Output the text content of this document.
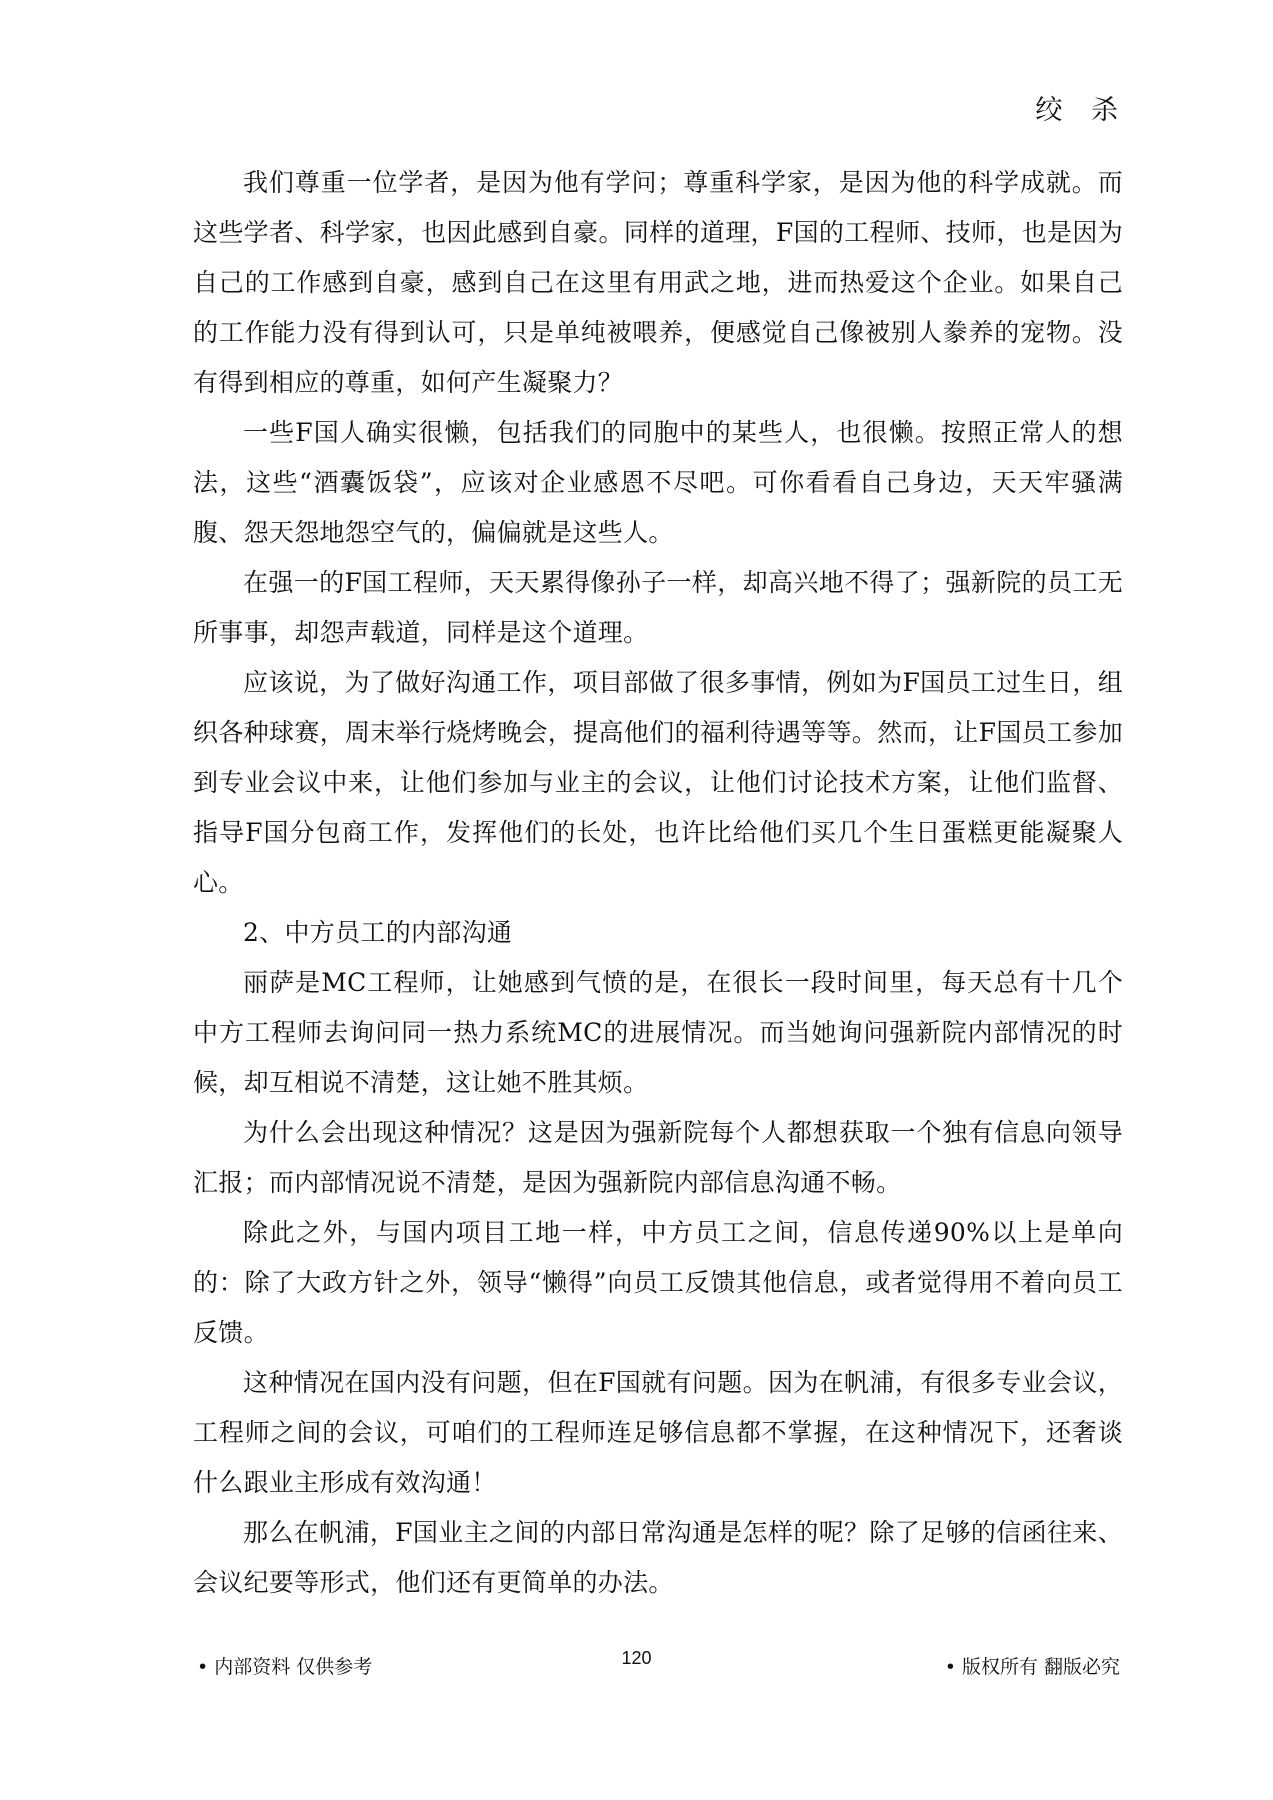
绞 杀

我们尊重一位学者，是因为他有学问；尊重科学家，是因为他的科学成就。而这些学者、科学家，也因此感到自豪。同样的道理，F国的工程师、技师，也是因为自己的工作感到自豪，感到自己在这里有用武之地，进而热爱这个企业。如果自己的工作能力没有得到认可，只是单纯被喂养，便感觉自己像被别人豢养的宠物。没有得到相应的尊重，如何产生凝聚力？

一些F国人确实很懒，包括我们的同胞中的某些人，也很懒。按照正常人的想法，这些“酒囊饭袋”，应该对企业感恩不尽吧。可你看看自己身边，天天牢骚满腹、怨天怨地怨空气的，偏偏就是这些人。

在强一的F国工程师，天天累得像孙子一样，却高兴地不得了；强新院的员工无所事事，却怨声载道，同样是这个道理。

应该说，为了做好沟通工作，项目部做了很多事情，例如为F国员工过生日，组织各种球赛，周末举行烧烤晚会，提高他们的福利待遇等等。然而，让F国员工参加到专业会议中来，让他们参加与业主的会议，让他们讨论技术方案，让他们监督、指导F国分包商工作，发挥他们的长处，也许比给他们买几个生日蛋糕更能凝聚人心。

2、中方员工的内部沟通

丽萨是MC工程师，让她感到气愤的是，在很长一段时间里，每天总有十几个中方工程师去询问同一热力系统MC的进展情况。而当她询问强新院内部情况的时候，却互相说不清楚，这让她不胜其烦。

为什么会出现这种情况？这是因为强新院每个人都想获取一个独有信息向领导汇报；而内部情况说不清楚，是因为强新院内部信息沟通不畅。

除此之外，与国内项目工地一样，中方员工之间，信息传递90%以上是单向的：除了大政方针之外，领导“懒得”向员工反馈其他信息，或者觉得用不着向员工反馈。

这种情况在国内没有问题，但在F国就有问题。因为在帆浦，有很多专业会议，工程师之间的会议，可咱们的工程师连足够信息都不掌握，在这种情况下，还奢谈什么跟业主形成有效沟通！

那么在帆浦，F国业主之间的内部日常沟通是怎样的呢？除了足够的信函往来、会议纪要等形式，他们还有更简单的办法。

• 内部资料 仅供参考	120	• 版权所有 翻版必究
